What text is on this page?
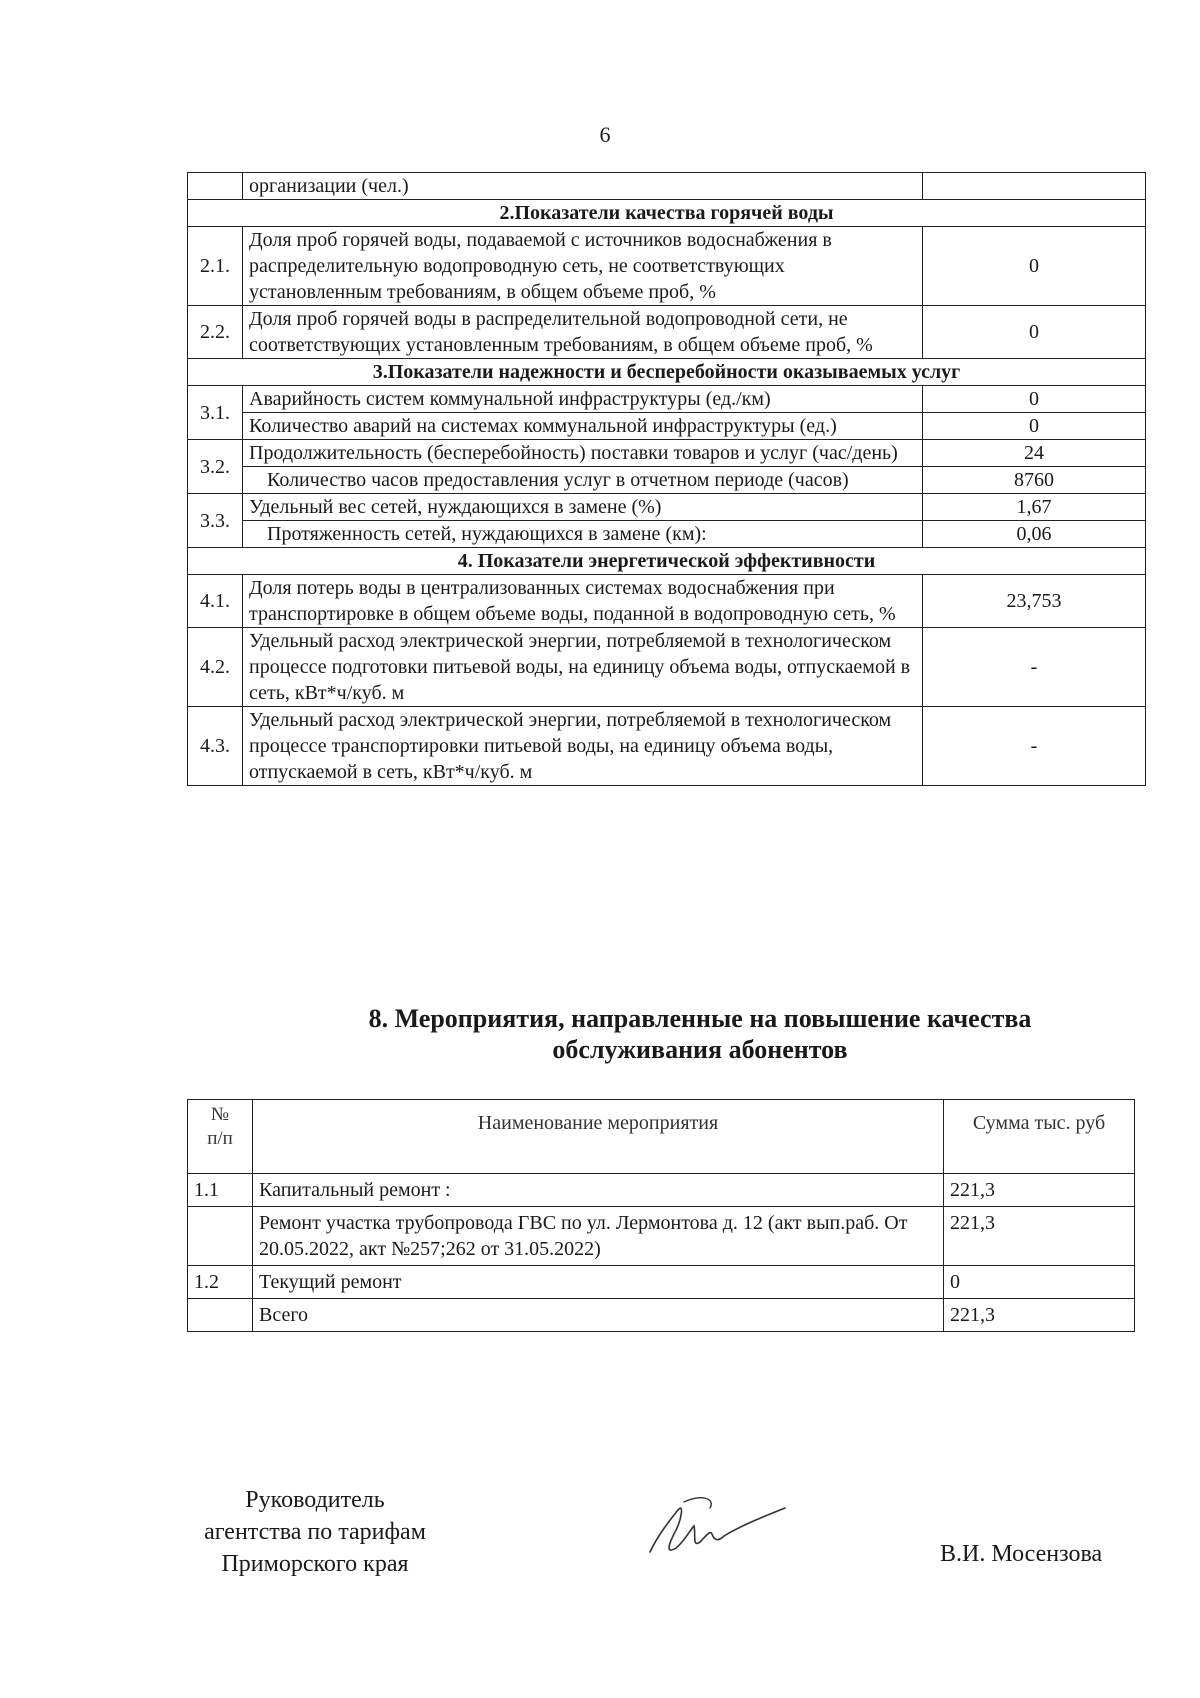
6
	организации (чел.)	
2.Показатели качества горячей воды		
2.1.	Доля проб горячей воды, подаваемой с источников водоснабжения в распределительную водопроводную сеть, не соответствующих установленным требованиям, в общем объеме проб, %	0
2.2.	Доля проб горячей воды в распределительной водопроводной сети, не соответствующих установленным требованиям, в общем объеме проб, %	0
3.Показатели надежности и бесперебойности оказываемых услуг		
3.1.	Аварийность систем коммунальной инфраструктуры (ед./км)	0
	Количество аварий на системах коммунальной инфраструктуры (ед.)	0
3.2.	Продолжительность (бесперебойность) поставки товаров и услуг (час/день)	24
	Количество часов предоставления услуг в отчетном периоде (часов)	8760
3.3.	Удельный вес сетей, нуждающихся в замене (%)	1,67
	Протяженность сетей, нуждающихся в замене (км):	0,06
4. Показатели энергетической эффективности		
4.1.	Доля потерь воды в централизованных системах водоснабжения при транспортировке в общем объеме воды, поданной в водопроводную сеть, %	23,753
4.2.	Удельный расход электрической энергии, потребляемой в технологическом процессе подготовки питьевой воды, на единицу объема воды, отпускаемой в сеть, кВт*ч/куб. м	-
4.3.	Удельный расход электрической энергии, потребляемой в технологическом процессе транспортировки питьевой воды, на единицу объема воды, отпускаемой в сеть, кВт*ч/куб. м	-
8. Мероприятия, направленные на повышение качества
обслуживания абонентов
№
п/п	Наименование мероприятия	Сумма тыс. руб
1.1	Капитальный ремонт :	221,3
	Ремонт участка трубопровода ГВС по ул. Лермонтова д. 12 (акт вып.раб. От 20.05.2022, акт №257;262 от 31.05.2022)	221,3
1.2	Текущий ремонт	0
	Всего	221,3
Руководитель
агентства по тарифам
Приморского края	В.И. Мосензова
